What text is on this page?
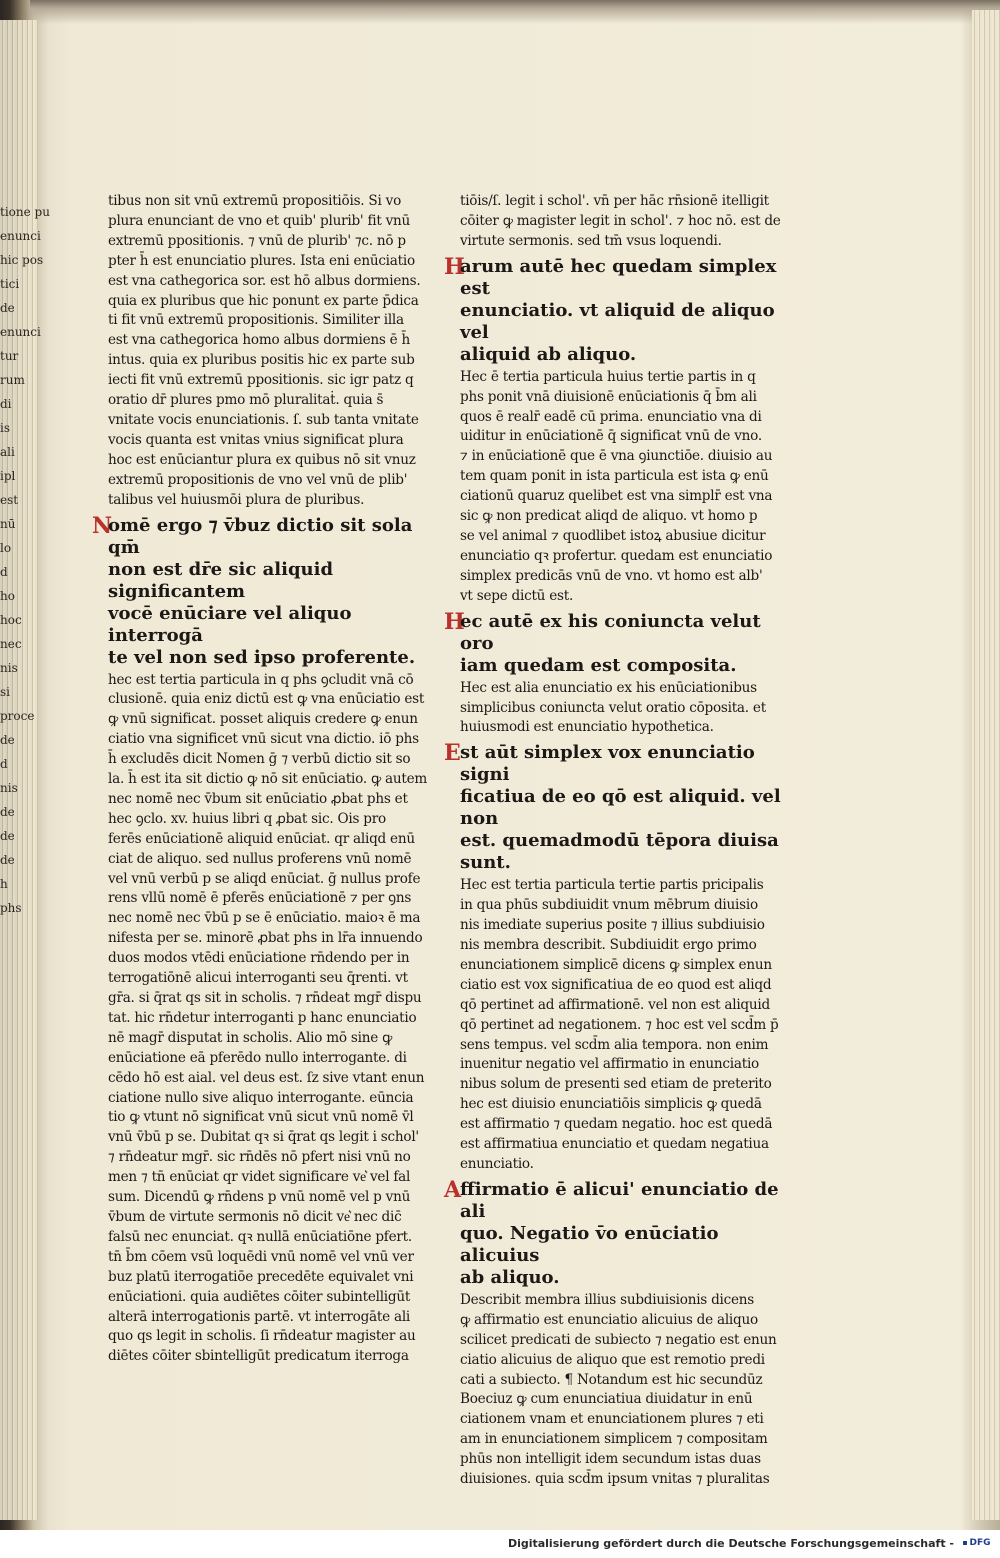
tione pu
enunci
hic
tici
de
enunci
tur
rum
di
is
ali
ipl
est
nū
lo
d
ho
hoc
nec
nis
si
proce
de
d
nis
de
de
de
h
phs
tibus non sit vnū extremū propositiōis. Si vo
plura enunciant de vno et quib' plurib' fit vnū
extremū ppositionis. ⁊ vnū de plurib' ⁊c. nō p
pter h̄ est enunciatio plures. Ista eni enūciatio
est vna cathegorica sor. est hō albus dormiens.
quia ex pluribus que hic ponunt ex parte p̄dica
ti fit vnū extremū propositionis. Similiter illa
est vna cathegorica homo albus dormiens ē h̄
intus. quia ex pluribus positis hic ex parte sub
iecti fit vnū extremū ppositionis. sic igr patz q
oratio dr̄ plures pmo mō pluralitaṫ. quia s̄
vnitate vocis enunciationis. ſ. sub tanta vnitate
vocis quanta est vnitas vnius significat plura
hoc est enūciantur plura ex quibus nō sit vnuz
extremū propositionis de vno vel vnū de plib'
talibus vel huiusmōi plura de pluribus.
Nomē ergo ⁊ v̄buz dictio sit sola qm̄
non est dr̄e sic aliquid significantem
vocē enūciare vel aliquo interrogā
te vel non sed ipso proferente.
hec est tertia particula in q phs ꝯcludit vnā cō
clusionē. quia eniz dictū est ꝙ vna enūciatio est
ꝙ vnū significat. posset aliquis credere ꝙ enun
ciatio vna significet vnū sicut vna dictio. iō phs
h̄ excludēs dicit Nomen ḡ ⁊ verbū dictio sit so
la. h̄ est ita sit dictio ꝙ nō sit enūciatio. ꝙ autem
nec nomē nec v̄bum sit enūciatio ꝓbat phs et
hec ꝯclo. xv. huius libri q ꝓbat sic. Ois pro
ferēs enūciationē aliquid enūciat. qr aliqd enū
ciat de aliquo. sed nullus proferens vnū nomē
vel vnū verbū p se aliqd enūciat. ḡ nullus profe
rens vllū nomē ē pferēs enūciationē ⁊ per ꝯns
nec nomē nec v̄bū p se ē enūciatio. maioꝛ ē ma
nifesta per se. minorē ꝓbat phs in lr̄a innuendo
duos modos vtēdi enūciatione rn̄dendo per in
terrogatiōnē alicui interroganti seu q̄renti. vt
gr̄a. si q̄rat qs sit in scholis. ⁊ rn̄deat mgr̄ dispu
tat. hic rn̄detur interroganti p hanc enunciatio
nē magr̄ disputat in scholis. Alio mō sine ꝙ
enūciatione eā pferēdo nullo interrogante. di
cēdo hō est aial. vel deus est. ſz sive vtant enun
ciatione nullo sive aliquo interrogante. eūncia
tio ꝙ vtunt nō significat vnū sicut vnū nomē v̄l
vnū v̄bū p se. Dubitat qꝛ si q̄rat qs legit i schol'
⁊ rn̄deatur mgr̄. sic rn̄dēs nō pfert nisi vnū no
men ⁊ tn̄ enūciat qr videt significare ve͛ vel fal
sum. Dicendū ꝙ rn̄dens p vnū nomē vel p vnū
v̄bum de virtute sermonis nō dicit ve͛ nec dic̄
falsū nec enunciat. qꝛ nullā enūciatiōne pfert.
tn̄ b̄m cōem vsū loquēdi vnū nomē vel vnū ver
buz platū iterrogatiōe precedēte equivalet vni
enūciationi. quia audiētes cōiter subintelligūt
alterā interrogationis partē. vt interrogāte ali
quo qs legit in scholis. ſi rn̄deatur magister au
diētes cōiter sbintelligūt predicatum iterroga
tiōis/ſ. legit i schol'. vn̄ per hāc rn̄sionē itelligit
cōiter ꝙ magister legit in schol'. ⁊ hoc nō. est de
virtute sermonis. sed tm̄ vsus loquendi.
Harum autē hec quedam simplex est
enunciatio. vt aliquid de aliquo vel
aliquid ab aliquo.
Hec ē tertia particula huius tertie partis in q
phs ponit vnā diuisionē enūciationis q̄ b̄m ali
quos ē realr̄ eadē cū prima. enunciatio vna di
uiditur in enūciationē q̄ significat vnū de vno.
⁊ in enūciationē que ē vna ꝯiunctiōe. diuisio au
tem quam ponit in ista particula est ista ꝙ enū
ciationū quaruz quelibet est vna simplr̄ est vna
sic ꝙ non predicat aliqd de aliquo. vt homo p
se vel animal ⁊ quodlibet istoꝝ abusiue dicitur
enunciatio qꝛ profertur. quedam est enunciatio
simplex predicās vnū de vno. vt homo est alb'
vt sepe dictū est.
Hec autē ex his coniuncta velut oro
iam quedam est composita.
Hec est alia enunciatio ex his enūciationibus
simplicibus coniuncta velut oratio cōposita. et
huiusmodi est enunciatio hypothetica.
Est aūt simplex vox enunciatio signi
ficatiua de eo qō est aliquid. vel non
est. quemadmodū tēpora diuisa sunt.
Hec est tertia particula tertie partis pricipalis
in qua phūs subdiuidit vnum mēbrum diuisio
nis imediate superius posite ⁊ illius subdiuisio
nis membra describit. Subdiuidit ergo primo
enunciationem simplicē dicens ꝙ simplex enun
ciatio est vox significatiua de eo quod est aliqd
qō pertinet ad affirmationē. vel non est aliquid
qō pertinet ad negationem. ⁊ hoc est vel scd̄m p̄
sens tempus. vel scd̄m alia tempora. non enim
inuenitur negatio vel affirmatio in enunciatio
nibus solum de presenti sed etiam de preterito
hec est diuisio enunciatiōis simplicis ꝙ quedā
est affirmatio ⁊ quedam negatio. hoc est quedā
est affirmatiua enunciatio et quedam negatiua
enunciatio.
Affirmatio ē alicui' enunciatio de ali
quo. Negatio v̄o enūciatio alicuius
ab aliquo.
Describit membra illius subdiuisionis dicens
ꝙ affirmatio est enunciatio alicuius de aliquo
scilicet predicati de subiecto ⁊ negatio est enun
ciatio alicuius de aliquo que est remotio predi
cati a subiecto. ¶ Notandum est hic secundūz
Boeciuz ꝙ cum enunciatiua diuidatur in enū
ciationem vnam et enunciationem plures ⁊ eti
am in enunciationem simplicem ⁊ compositam
phūs non intelligit idem secundum istas duas
diuisiones. quia scd̄m ipsum vnitas ⁊ pluralitas
Digitalisierung gefördert durch die Deutsche Forschungsgemeinschaft -	DFG
